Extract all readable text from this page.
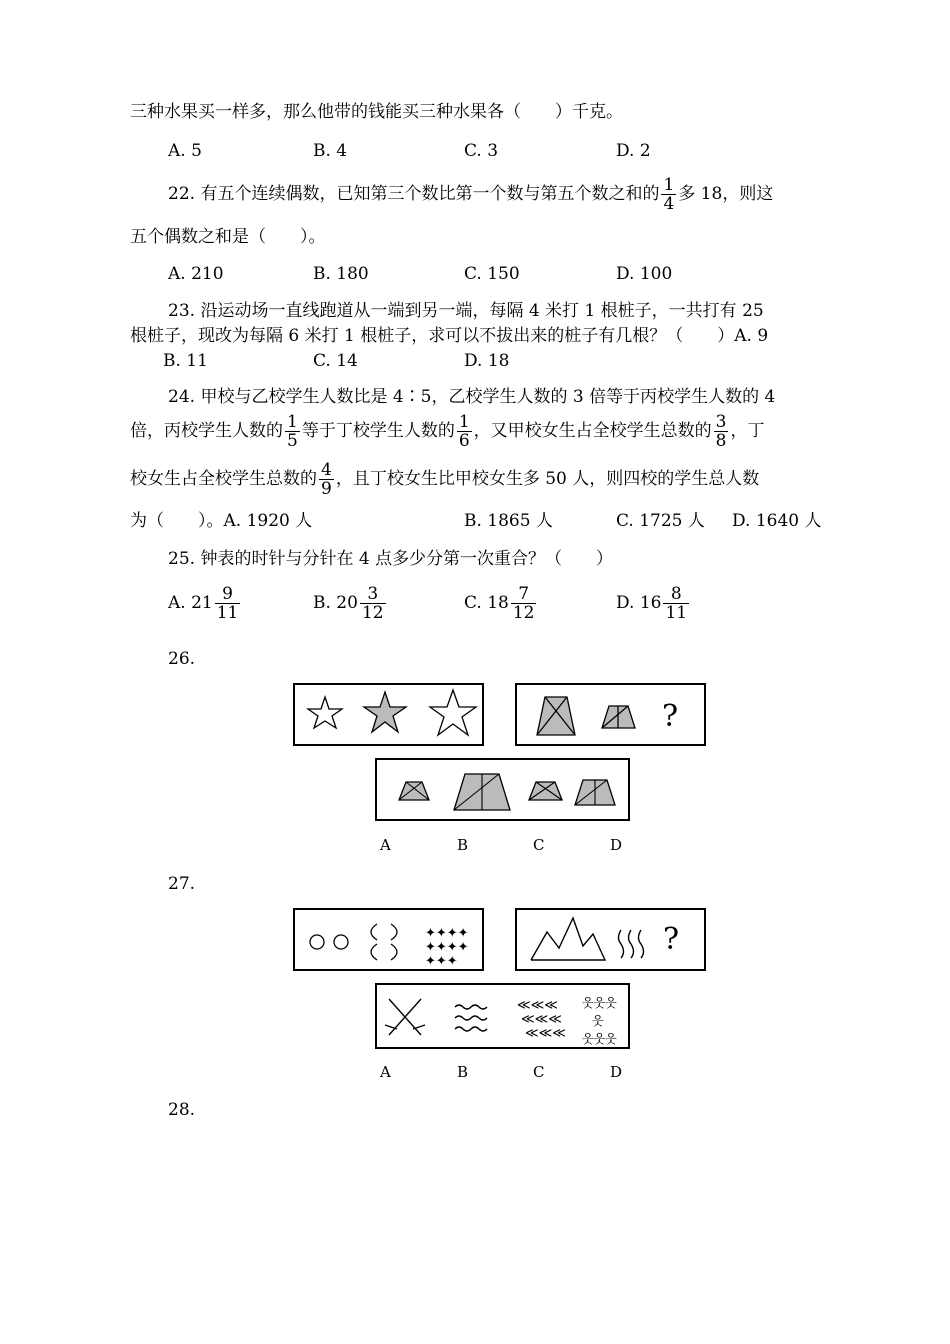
三种水果买一样多，那么他带的钱能买三种水果各（　　）千克。
A. 5	B. 4	C. 3	D. 2
22. 有五个连续偶数，已知第三个数比第一个数与第五个数之和的 $\frac{1}{4}$ 多 18，则这
五个偶数之和是（　　）。
A. 210	B. 180	C. 150	D. 100
23. 沿运动场一直线跑道从一端到另一端，每隔 4 米打 1 根桩子，一共打有 25
根桩子，现改为每隔 6 米打 1 根桩子，求可以不拔出来的桩子有几根？（　　）A. 9
B. 11	C. 14	D. 18
24. 甲校与乙校学生人数比是 4∶5，乙校学生人数的 3 倍等于丙校学生人数的 4
倍，丙校学生人数的 $\frac{1}{5}$ 等于丁校学生人数的 $\frac{1}{6}$ ，又甲校女生占全校学生总数的 $\frac{3}{8}$ ，丁
校女生占全校学生总数的 $\frac{4}{9}$ ，且丁校女生比甲校女生多 50 人，则四校的学生总人数
为（　　）。A. 1920 人	B. 1865 人	C. 1725 人 D. 1640 人
25. 钟表的时针与分针在 4 点多少分第一次重合？（　　）
A. $21 \frac{9}{11}$	B. $20 \frac{3}{12}$	C. $18 \frac{7}{12}$	D. $16 \frac{8}{11}$
26.
?
A	B	C	D
27.
✦✦✦✦
✦✦✦✦
✦✦✦
?
≪≪≪
≪≪≪
≪≪≪
웃웃웃
웃
웃웃웃
A	B	C	D
28.
